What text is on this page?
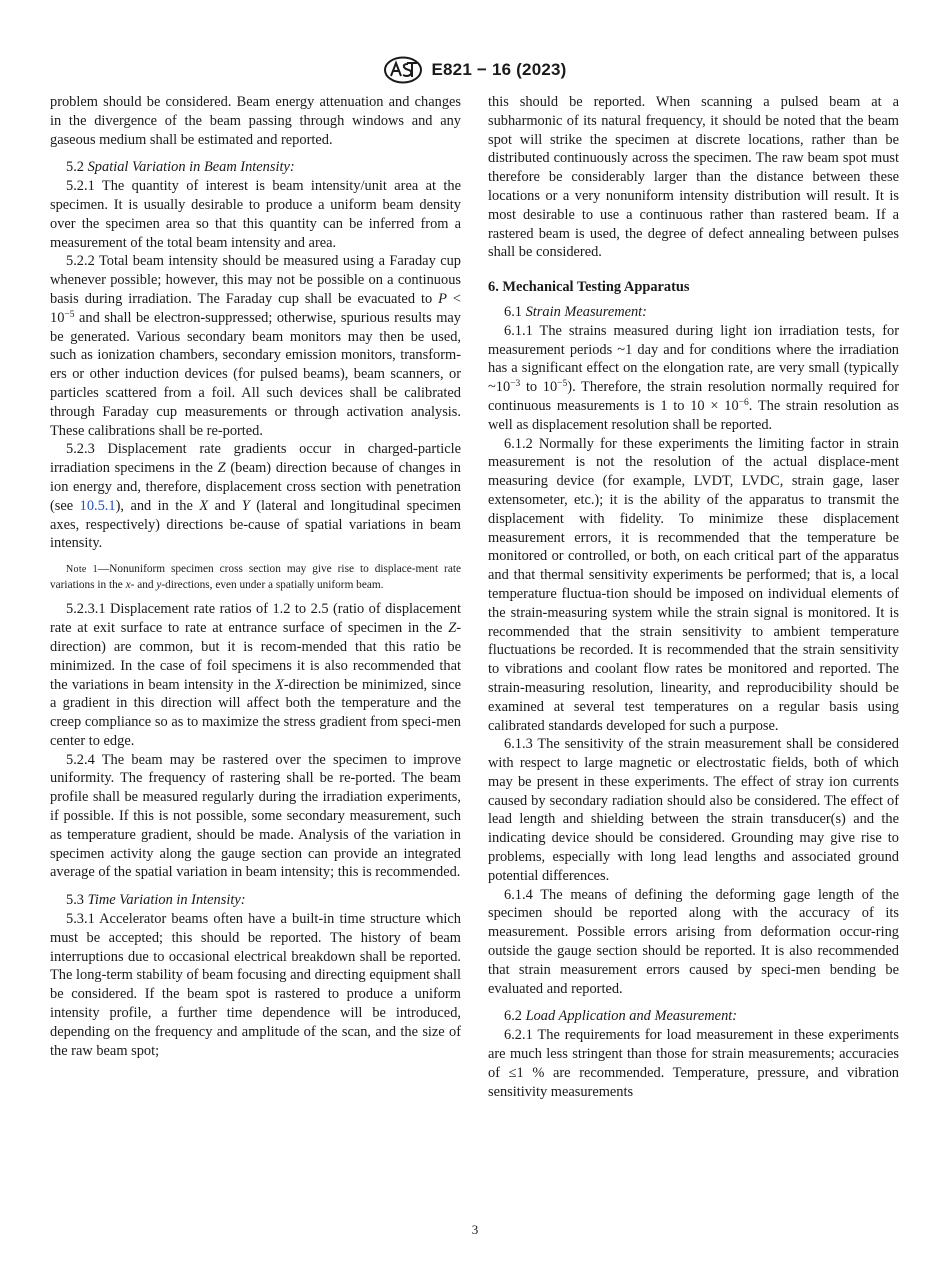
E821 − 16 (2023)

problem should be considered. Beam energy attenuation and changes in the divergence of the beam passing through windows and any gaseous medium shall be estimated and reported.

5.2 Spatial Variation in Beam Intensity:

5.2.1 The quantity of interest is beam intensity/unit area at the specimen. It is usually desirable to produce a uniform beam density over the specimen area so that this quantity can be inferred from a measurement of the total beam intensity and area.

5.2.2 Total beam intensity should be measured using a Faraday cup whenever possible; however, this may not be possible on a continuous basis during irradiation. The Faraday cup shall be evacuated to $P < 10^{-5}$ and shall be electron-suppressed; otherwise, spurious results may be generated. Various secondary beam monitors may then be used, such as ionization chambers, secondary emission monitors, transform-ers or other induction devices (for pulsed beams), beam scanners, or particles scattered from a foil. All such devices shall be calibrated through Faraday cup measurements or through activation analysis. These calibrations shall be re-ported.

5.2.3 Displacement rate gradients occur in charged-particle irradiation specimens in the Z (beam) direction because of changes in ion energy and, therefore, displacement cross section with penetration (see 10.5.1), and in the X and Y (lateral and longitudinal specimen axes, respectively) directions be-cause of spatial variations in beam intensity.

Note 1—Nonuniform specimen cross section may give rise to displace-ment rate variations in the x- and y-directions, even under a spatially uniform beam.

5.2.3.1 Displacement rate ratios of 1.2 to 2.5 (ratio of displacement rate at exit surface to rate at entrance surface of specimen in the Z-direction) are common, but it is recom-mended that this ratio be minimized. In the case of foil specimens it is also recommended that the variations in beam intensity in the X-direction be minimized, since a gradient in this direction will affect both the temperature and the creep compliance so as to maximize the stress gradient from speci-men center to edge.

5.2.4 The beam may be rastered over the specimen to improve uniformity. The frequency of rastering shall be re-ported. The beam profile shall be measured regularly during the irradiation experiments, if possible. If this is not possible, some secondary measurement, such as temperature gradient, should be made. Analysis of the variation in specimen activity along the gauge section can provide an integrated average of the spatial variation in beam intensity; this is recommended.

5.3 Time Variation in Intensity:

5.3.1 Accelerator beams often have a built-in time structure which must be accepted; this should be reported. The history of beam interruptions due to occasional electrical breakdown shall be reported. The long-term stability of beam focusing and directing equipment shall be considered. If the beam spot is rastered to produce a uniform intensity profile, a further time dependence will be introduced, depending on the frequency and amplitude of the scan, and the size of the raw beam spot;

this should be reported. When scanning a pulsed beam at a subharmonic of its natural frequency, it should be noted that the beam spot will strike the specimen at discrete locations, rather than be distributed continuously across the specimen. The raw beam spot must therefore be considerably larger than the distance between these locations or a very nonuniform intensity distribution will result. It is most desirable to use a continuous rather than rastered beam. If a rastered beam is used, the degree of defect annealing between pulses shall be considered.

6. Mechanical Testing Apparatus

6.1 Strain Measurement:

6.1.1 The strains measured during light ion irradiation tests, for measurement periods ~1 day and for conditions where the irradiation has a significant effect on the elongation rate, are very small (typically $\sim 10^{-3}$ to $10^{-5}$). Therefore, the strain resolution normally required for continuous measurements is 1 to $10 \times 10^{-6}$. The strain resolution as well as displacement resolution shall be reported.

6.1.2 Normally for these experiments the limiting factor in strain measurement is not the resolution of the actual displace-ment measuring device (for example, LVDT, LVDC, strain gage, laser extensometer, etc.); it is the ability of the apparatus to transmit the displacement with fidelity. To minimize these displacement measurement errors, it is recommended that the temperature be monitored or controlled, or both, on each critical part of the apparatus and that thermal sensitivity experiments be performed; that is, a local temperature fluctua-tion should be imposed on individual elements of the strain-measuring system while the strain signal is monitored. It is recommended that the strain sensitivity to ambient temperature fluctuations be recorded. It is recommended that the strain sensitivity to vibrations and coolant flow rates be monitored and reported. The strain-measuring resolution, linearity, and reproducibility should be examined at several test temperatures on a regular basis using calibrated standards developed for such a purpose.

6.1.3 The sensitivity of the strain measurement shall be considered with respect to large magnetic or electrostatic fields, both of which may be present in these experiments. The effect of stray ion currents caused by secondary radiation should also be considered. The effect of lead length and shielding between the strain transducer(s) and the indicating device should be considered. Grounding may give rise to problems, especially with long lead lengths and associated ground potential differences.

6.1.4 The means of defining the deforming gage length of the specimen should be reported along with the accuracy of its measurement. Possible errors arising from deformation occur-ring outside the gauge section should be reported. It is also recommended that strain measurement errors caused by speci-men bending be evaluated and reported.

6.2 Load Application and Measurement:

6.2.1 The requirements for load measurement in these experiments are much less stringent than those for strain measurements; accuracies of ≤1 % are recommended. Temperature, pressure, and vibration sensitivity measurements

3
